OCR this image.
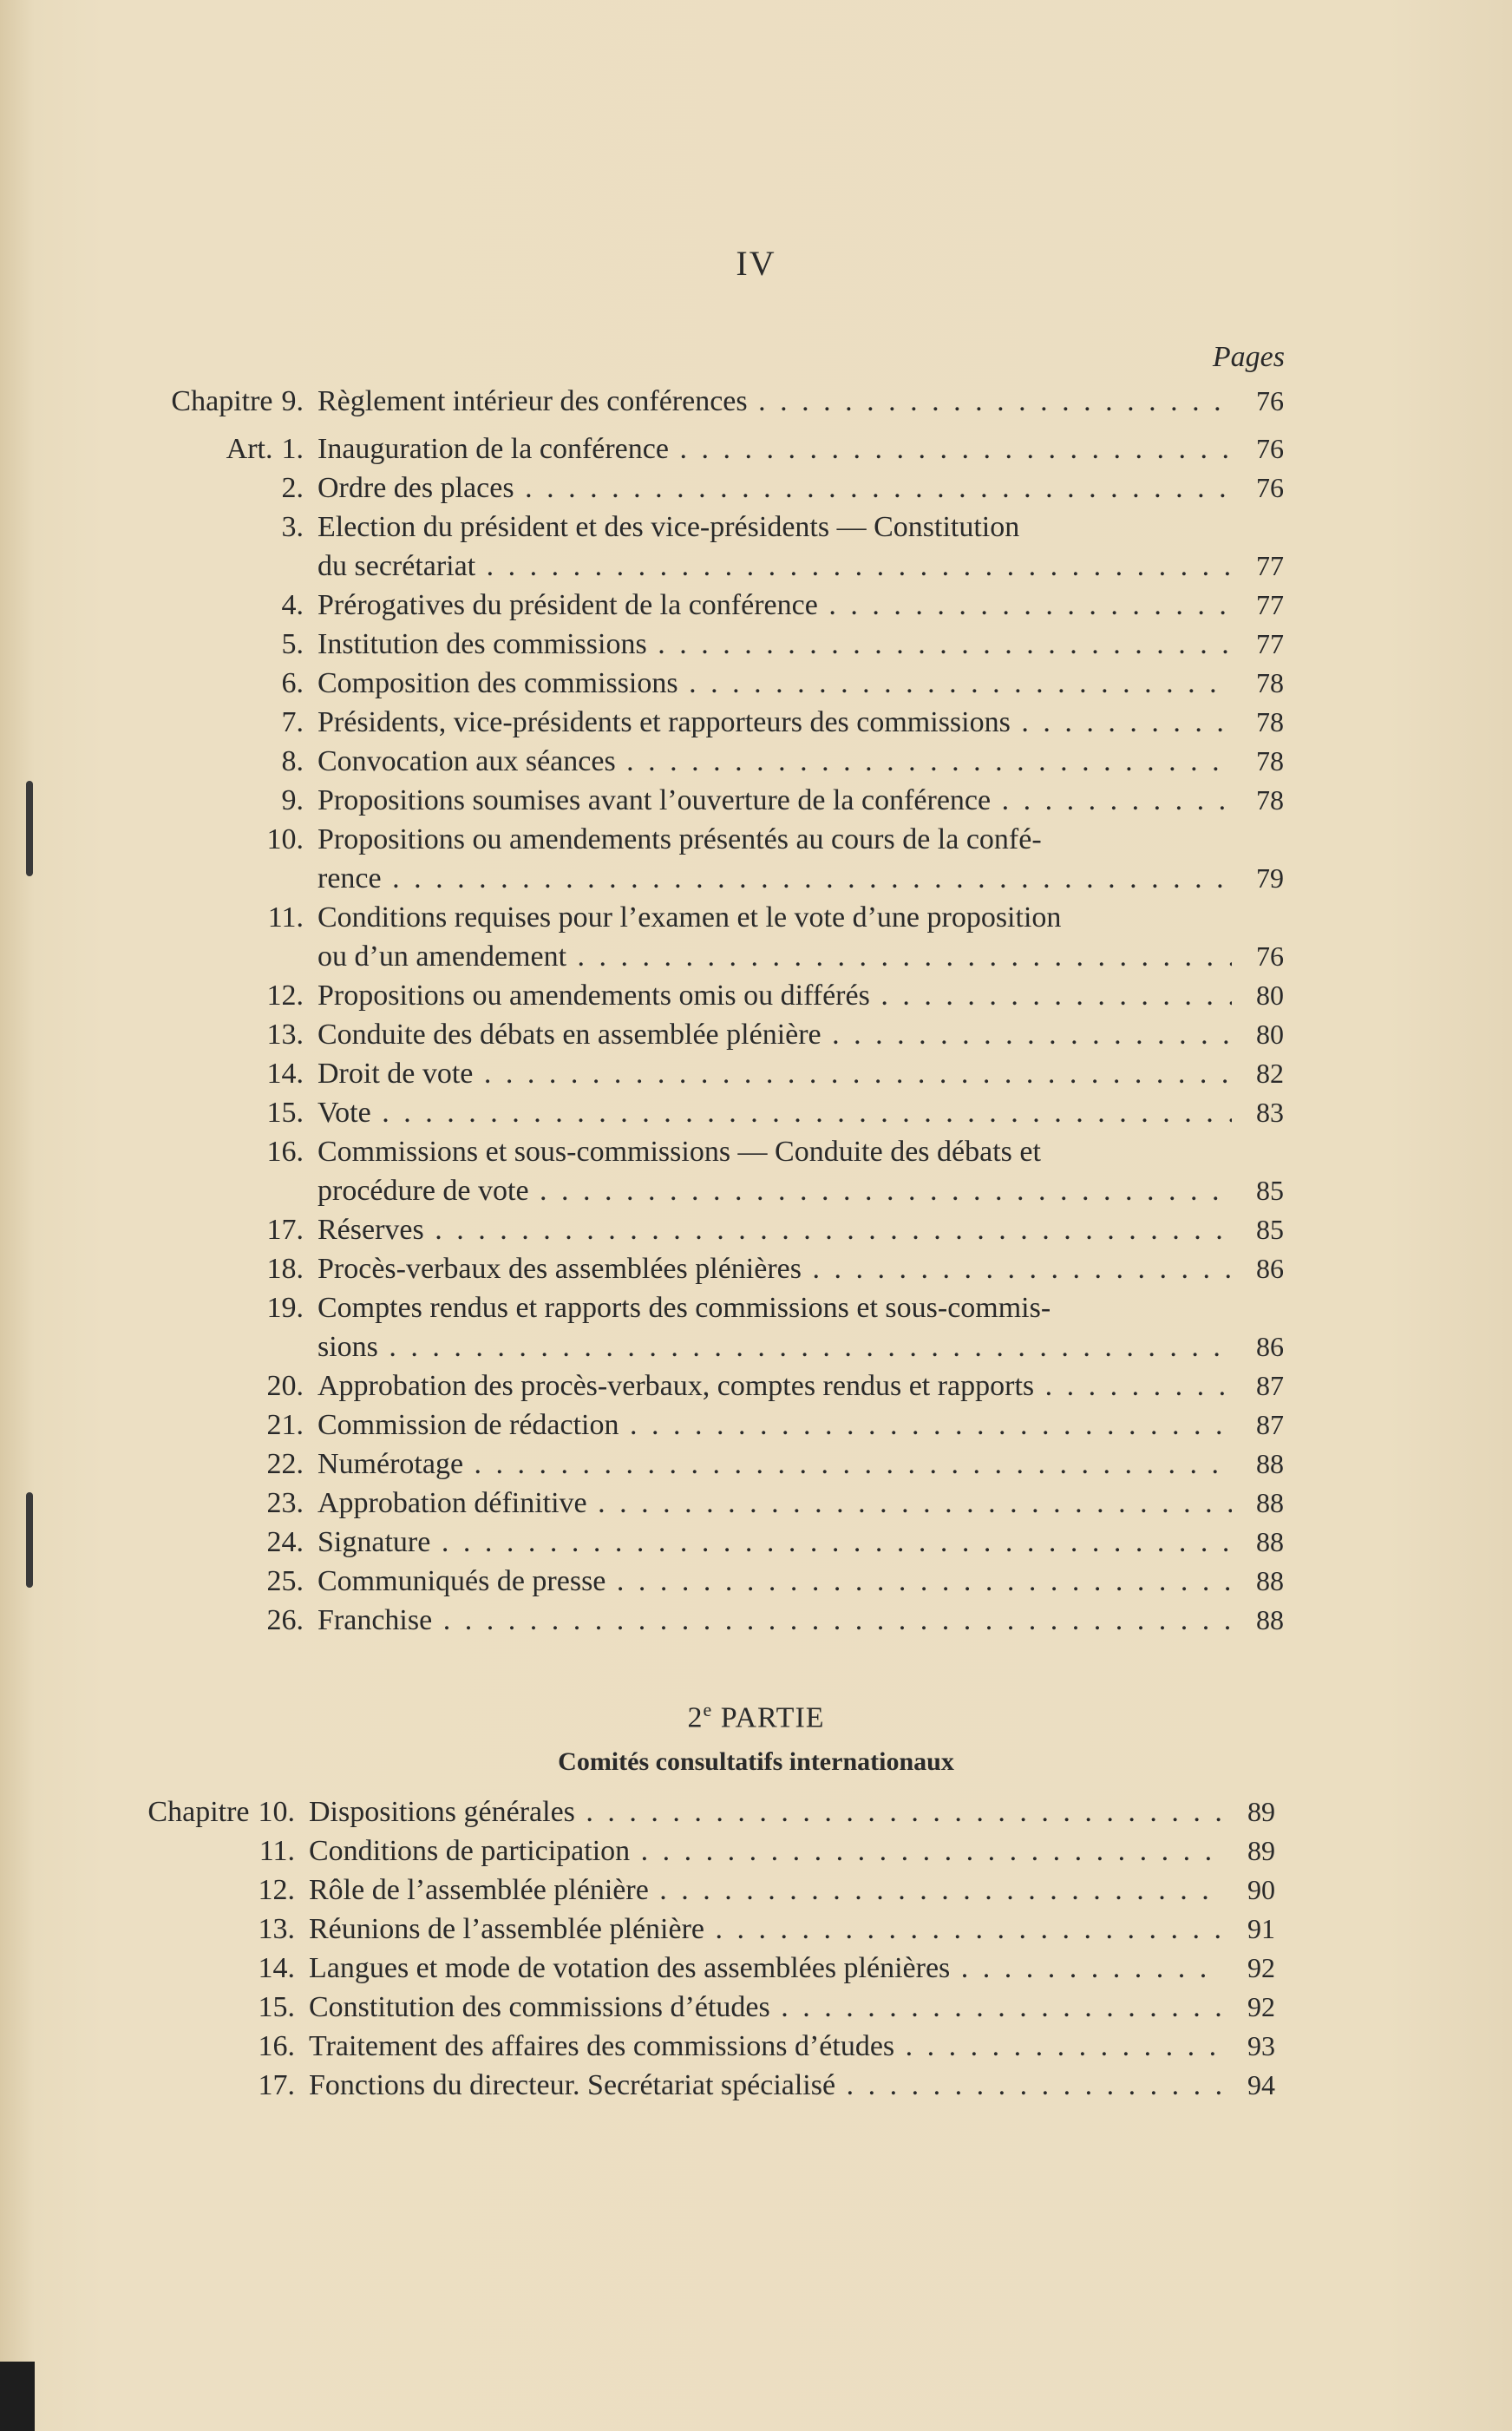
IV
Pages
Chapitre 9. Règlement intérieur des conférences . . .	76
Art. 1. Inauguration de la conférence . . .	76
2. Ordre des places . . .	76
3. Election du président et des vice-présidents — Constitution
du secrétariat . . .	77
4. Prérogatives du président de la conférence . . .	77
5. Institution des commissions . . .	77
6. Composition des commissions . . .	78
7. Présidents, vice-présidents et rapporteurs des commissions . . .	78
8. Convocation aux séances . . .	78
9. Propositions soumises avant l’ouverture de la conférence . . .	78
10. Propositions ou amendements présentés au cours de la confé-
rence . . .	79
11. Conditions requises pour l’examen et le vote d’une proposition
ou d’un amendement . . .	76
12. Propositions ou amendements omis ou différés . . .	80
13. Conduite des débats en assemblée plénière . . .	80
14. Droit de vote . . .	82
15. Vote . . .	83
16. Commissions et sous-commissions — Conduite des débats et
procédure de vote . . .	85
17. Réserves . . .	85
18. Procès-verbaux des assemblées plénières . . .	86
19. Comptes rendus et rapports des commissions et sous-commis-
sions . . .	86
20. Approbation des procès-verbaux, comptes rendus et rapports . . .	87
21. Commission de rédaction . . .	87
22. Numérotage . . .	88
23. Approbation définitive . . .	88
24. Signature . . .	88
25. Communiqués de presse . . .	88
26. Franchise . . .	88
2e PARTIE
Comités consultatifs internationaux
Chapitre 10. Dispositions générales . . .	89
11. Conditions de participation . . .	89
12. Rôle de l’assemblée plénière . . .	90
13. Réunions de l’assemblée plénière . . .	91
14. Langues et mode de votation des assemblées plénières . . .	92
15. Constitution des commissions d’études . . .	92
16. Traitement des affaires des commissions d’études . . .	93
17. Fonctions du directeur. Secrétariat spécialisé . . .	94
